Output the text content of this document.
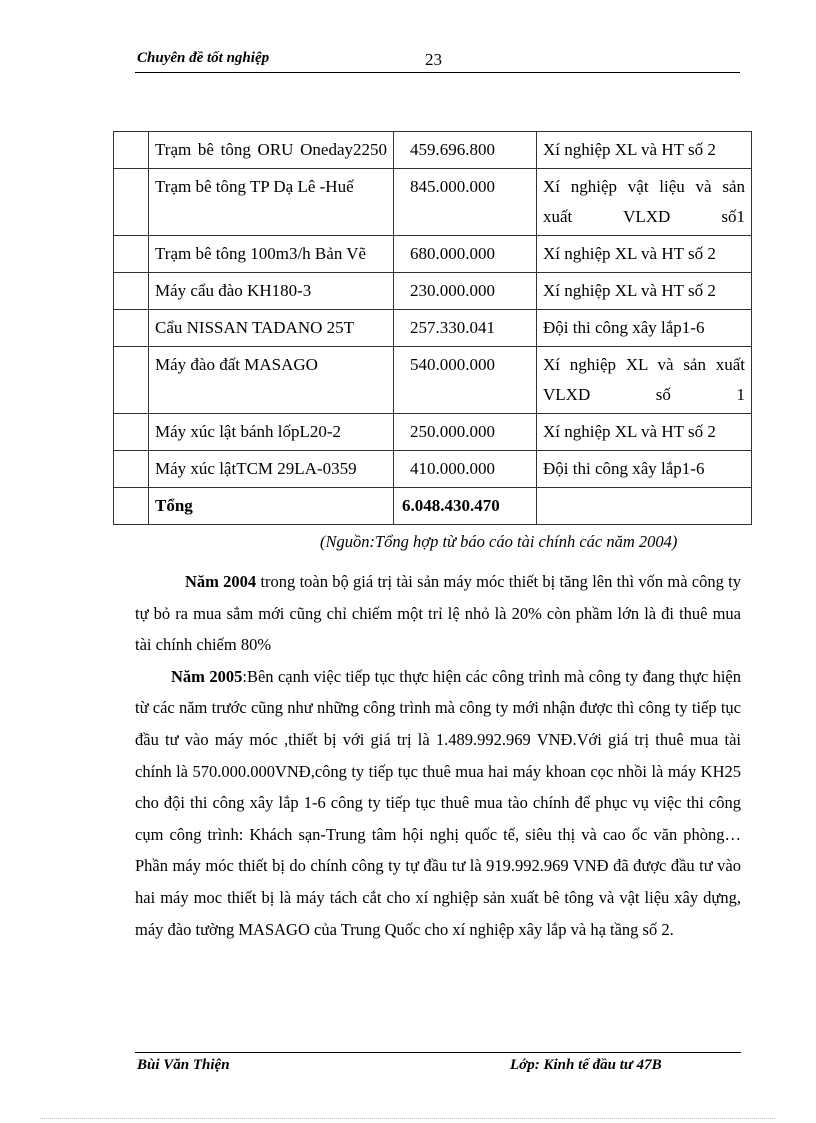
Chuyên đề tốt nghiệp	23
	Trạm bê tông ORU Oneday2250	459.696.800	Xí nghiệp XL và HT số 2
	Trạm bê tông TP Dạ Lê -Huế	845.000.000	Xí nghiệp vật liệu và sản xuất VLXD số1
	Trạm bê tông 100m3/h Bản Vẽ	680.000.000	Xí nghiệp XL và HT số 2
	Máy cẩu đào KH180-3	230.000.000	Xí nghiệp XL và HT số 2
	Cẩu NISSAN TADANO 25T	257.330.041	Đội thi công xây lắp1-6
	Máy đào đất MASAGO	540.000.000	Xí nghiệp XL và sản xuất VLXD số 1
	Máy xúc lật bánh lốpL20-2	250.000.000	Xí nghiệp XL và HT số 2
	Máy xúc lậtTCM 29LA-0359	410.000.000	Đội thi công xây lắp1-6
	Tổng	6.048.430.470	
(Nguồn:Tổng hợp từ báo cáo tài chính các năm 2004)

Năm 2004 trong toàn bộ giá trị tài sản máy móc thiết bị tăng lên thì vốn mà công ty tự bỏ ra mua sắm mới cũng chỉ chiếm một trỉ lệ nhỏ là 20% còn phầm lớn là đi thuê mua tài chính chiếm 80%

Năm 2005:Bên cạnh việc tiếp tục thực hiện các công trình mà công ty đang thực hiện từ các năm trước cũng như những công trình mà công ty mới nhận được thì công ty tiếp tục đầu tư vào máy móc ,thiết bị với giá trị là 1.489.992.969 VNĐ.Với giá trị thuê mua tài chính là 570.000.000VNĐ,công ty tiếp tục thuê mua hai máy khoan cọc nhồi là máy KH25 cho đội thi công xây lắp 1-6 công ty tiếp tục thuê mua tào chính để phục vụ việc thi công cụm công trình: Khách sạn-Trung tâm hội nghị quốc tế, siêu thị và cao ốc văn phòng…Phần máy móc thiết bị do chính công ty tự đầu tư là 919.992.969 VNĐ đã được đầu tư vào hai máy moc thiết bị là máy tách cắt cho xí nghiệp sản xuất bê tông và vật liệu xây dựng, máy đào tường MASAGO của Trung Quốc cho xí nghiệp xây lắp và hạ tầng số 2.

Bùi Văn Thiện	Lớp: Kinh tế đầu tư 47B
